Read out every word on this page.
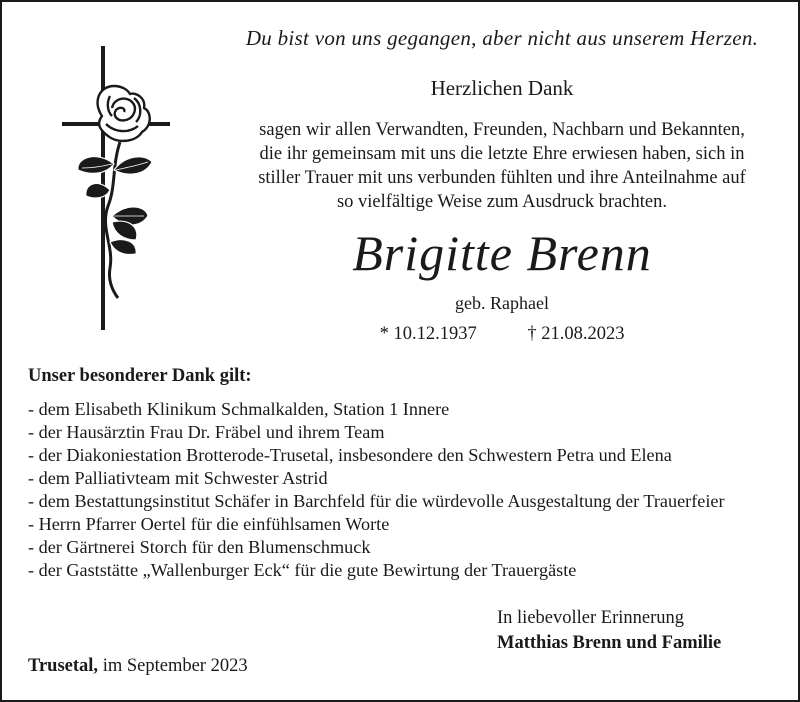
Du bist von uns gegangen, aber nicht aus unserem Herzen.
Herzlichen Dank
sagen wir allen Verwandten, Freunden, Nachbarn und Bekannten,
die ihr gemeinsam mit uns die letzte Ehre erwiesen haben, sich in
stiller Trauer mit uns verbunden fühlten und ihre Anteilnahme auf
so vielfältige Weise zum Ausdruck brachten.
Brigitte Brenn
geb. Raphael
* 10.12.1937	† 21.08.2023
Unser besonderer Dank gilt:
- dem Elisabeth Klinikum Schmalkalden, Station 1 Innere
- der Hausärztin Frau Dr. Fräbel und ihrem Team
- der Diakoniestation Brotterode-Trusetal, insbesondere den Schwestern Petra und Elena
- dem Palliativteam mit Schwester Astrid
- dem Bestattungsinstitut Schäfer in Barchfeld für die würdevolle Ausgestaltung der Trauerfeier
- Herrn Pfarrer Oertel für die einfühlsamen Worte
- der Gärtnerei Storch für den Blumenschmuck
- der Gaststätte „Wallenburger Eck“ für die gute Bewirtung der Trauergäste
In liebevoller Erinnerung
Matthias Brenn und Familie
Trusetal, im September 2023
